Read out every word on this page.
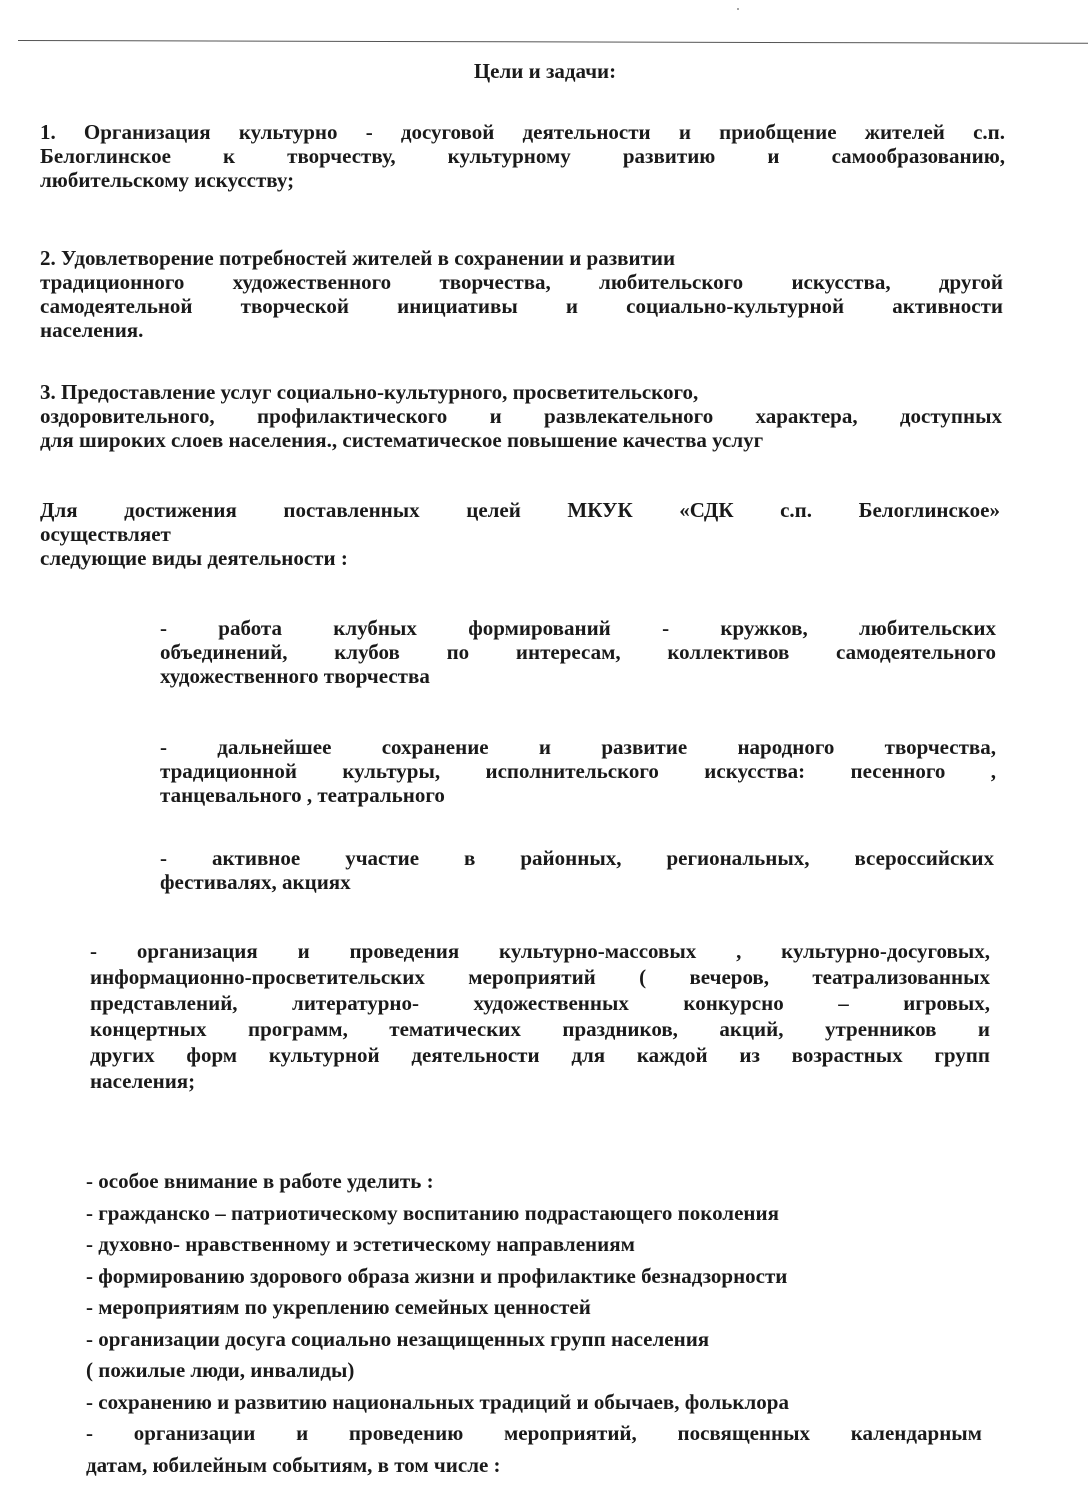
Цели и задачи:
1. Организация культурно - досуговой деятельности и приобщение жителей с.п.
Белоглинское к творчеству, культурному развитию и самообразованию,
любительскому искусству;
2. Удовлетворение потребностей жителей в сохранении и развитии
традиционного художественного творчества, любительского искусства, другой
самодеятельной творческой инициативы и социально-культурной активности
населения.
3. Предоставление услуг социально-культурного, просветительского,
оздоровительного, профилактического и развлекательного характера, доступных
для широких слоев населения., систематическое повышение качества услуг
Для достижения поставленных целей МКУК «СДК с.п. Белоглинское»
осуществляет
следующие виды деятельности :
- работа клубных формирований - кружков, любительских
объединений, клубов по интересам, коллективов самодеятельного
художественного творчества
- дальнейшее сохранение и развитие народного творчества,
традиционной культуры, исполнительского искусства: песенного ,
танцевального , театрального
- активное участие в районных, региональных, всероссийских
фестивалях, акциях
- организация и проведения культурно-массовых , культурно-досуговых,
информационно-просветительских мероприятий ( вечеров, театрализованных
представлений, литературно- художественных конкурсно – игровых,
концертных программ, тематических праздников, акций, утренников и
других форм культурной деятельности для каждой из возрастных групп
населения;
- особое внимание в работе уделить :
- гражданско – патриотическому воспитанию подрастающего поколения
- духовно- нравственному и эстетическому направлениям
- формированию здорового образа жизни и профилактике безнадзорности
- мероприятиям по укреплению семейных ценностей
- организации досуга социально незащищенных групп населения
( пожилые люди, инвалиды)
- сохранению и развитию национальных традиций и обычаев, фольклора
- организации и проведению мероприятий, посвященных календарным
датам, юбилейным событиям, в том числе :
